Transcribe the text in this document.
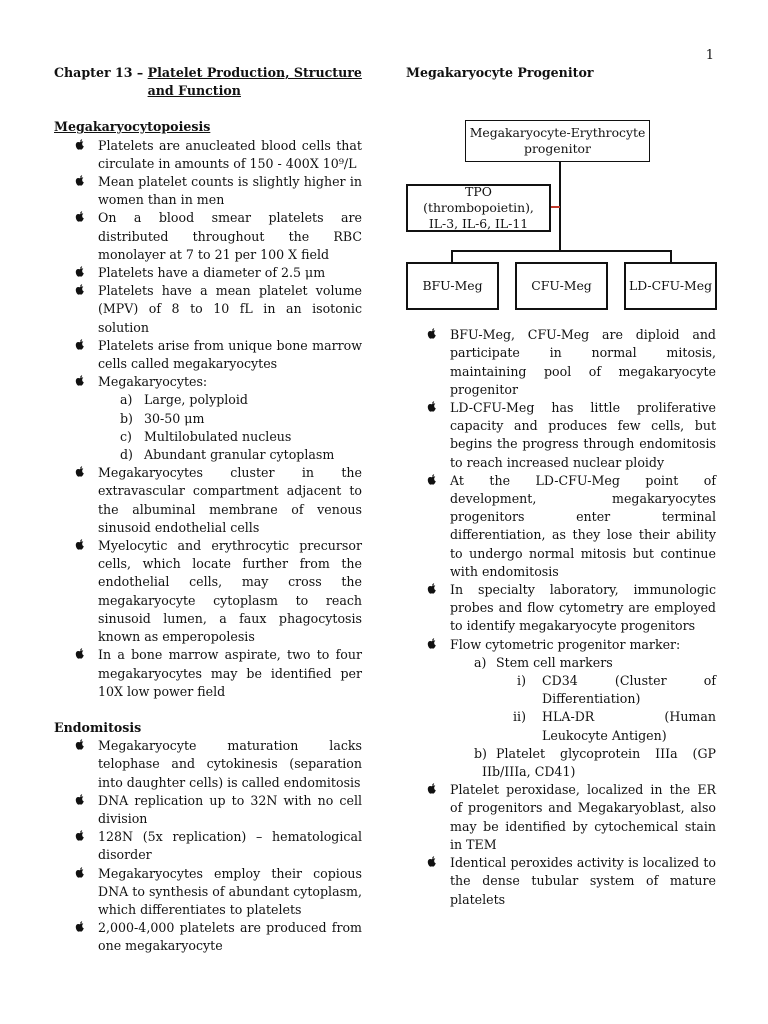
1
Chapter 13 – Platelet Production, Structure
and Function

Megakaryocytopoiesis

Platelets are anucleated blood cells that circulate in amounts of 150 - 400X 10⁹/L
Mean platelet counts is slightly higher in women than in men
On a blood smear platelets are distributed throughout the RBC monolayer at 7 to 21 per 100 X field
Platelets have a diameter of 2.5 μm
Platelets have a mean platelet volume (MPV) of 8 to 10 fL in an isotonic solution
Platelets arise from unique bone marrow cells called megakaryocytes
Megakaryocytes:
a) Large, polyploid
b) 30-50 μm
c) Multilobulated nucleus
d) Abundant granular cytoplasm
Megakaryocytes cluster in the extravascular compartment adjacent to the albuminal membrane of venous sinusoid endothelial cells
Myelocytic and erythrocytic precursor cells, which locate further from the endothelial cells, may cross the megakaryocyte cytoplasm to reach sinusoid lumen, a faux phagocytosis known as emperopolesis
In a bone marrow aspirate, two to four megakaryocytes may be identified per 10X low power field

Endomitosis

Megakaryocyte maturation lacks telophase and cytokinesis (separation into daughter cells) is called endomitosis
DNA replication up to 32N with no cell division
128N (5x replication) – hematological disorder
Megakaryocytes employ their copious DNA to synthesis of abundant cytoplasm, which differentiates to platelets
2,000-4,000 platelets are produced from one megakaryocyte

Megakaryocyte Progenitor

Megakaryocyte-Erythrocyte
progenitor
TPO (thrombopoietin),
IL-3, IL-6, IL-11
BFU-Meg	CFU-Meg	LD-CFU-Meg
BFU-Meg, CFU-Meg are diploid and participate in normal mitosis, maintaining pool of megakaryocyte progenitor
LD-CFU-Meg has little proliferative capacity and produces few cells, but begins the progress through endomitosis to reach increased nuclear ploidy
At the LD-CFU-Meg point of development, megakaryocytes progenitors enter terminal differentiation, as they lose their ability to undergo normal mitosis but continue with endomitosis
In specialty laboratory, immunologic probes and flow cytometry are employed to identify megakaryocyte progenitors
Flow cytometric progenitor marker:
a) Stem cell markers
i) CD34 (Cluster of Differentiation)
ii) HLA-DR (Human Leukocyte Antigen)
b) Platelet glycoprotein IIIa (GP IIb/IIIa, CD41)
Platelet peroxidase, localized in the ER of progenitors and Megakaryoblast, also may be identified by cytochemical stain in TEM
Identical peroxides activity is localized to the dense tubular system of mature platelets
